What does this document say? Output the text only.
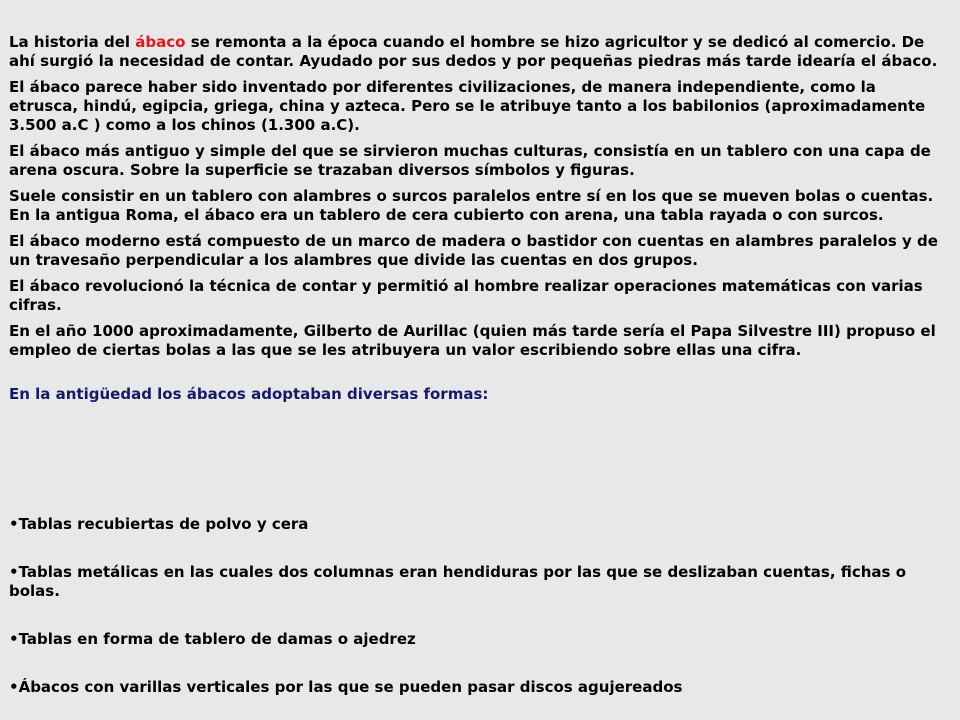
La historia del ábaco se remonta a la época cuando el hombre se hizo agricultor y se dedicó al comercio. De ahí surgió la necesidad de contar. Ayudado por sus dedos y por pequeñas piedras más tarde idearía el ábaco.

El ábaco parece haber sido inventado por diferentes civilizaciones, de manera independiente, como la etrusca, hindú, egipcia, griega, china y azteca. Pero se le atribuye tanto a los babilonios (aproximadamente 3.500 a.C ) como a los chinos (1.300 a.C).

El ábaco más antiguo y simple del que se sirvieron muchas culturas, consistía en un tablero con una capa de arena oscura. Sobre la superficie se trazaban diversos símbolos y figuras.

Suele consistir en un tablero con alambres o surcos paralelos entre sí en los que se mueven bolas o cuentas. En la antigua Roma, el ábaco era un tablero de cera cubierto con arena, una tabla rayada o con surcos.

El ábaco moderno está compuesto de un marco de madera o bastidor con cuentas en alambres paralelos y de un travesaño perpendicular a los alambres que divide las cuentas en dos grupos.

El ábaco revolucionó la técnica de contar y permitió al hombre realizar operaciones matemáticas con varias cifras.

En el año 1000 aproximadamente, Gilberto de Aurillac (quien más tarde sería el Papa Silvestre III) propuso el empleo de ciertas bolas a las que se les atribuyera un valor escribiendo sobre ellas una cifra.

En la antigüedad los ábacos adoptaban diversas formas:

•Tablas recubiertas de polvo y cera

•Tablas metálicas en las cuales dos columnas eran hendiduras por las que se deslizaban cuentas, fichas o bolas.

•Tablas en forma de tablero de damas o ajedrez

•Ábacos con varillas verticales por las que se pueden pasar discos agujereados
